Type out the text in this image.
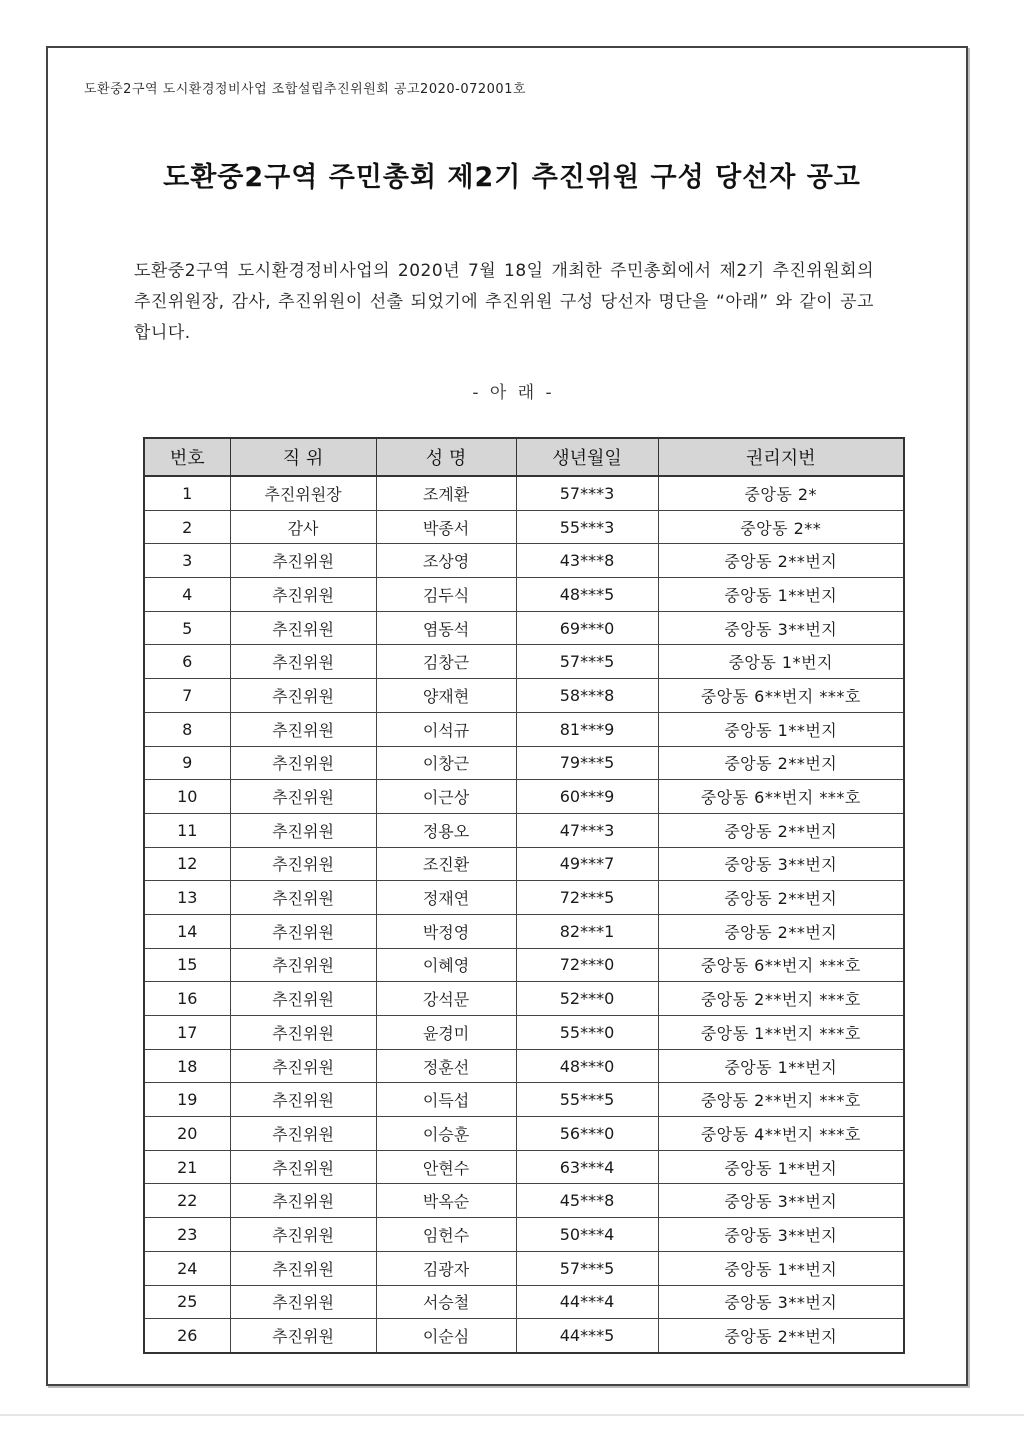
도환중2구역 도시환경정비사업 조합설립추진위원회 공고2020-072001호
도환중2구역 주민총회 제2기 추진위원 구성 당선자 공고
도환중2구역 도시환경정비사업의 2020년 7월 18일 개최한 주민총회에서 제2기 추진위원회의 추진위원장, 감사, 추진위원이 선출 되었기에 추진위원 구성 당선자 명단을 “아래” 와 같이 공고합니다.
- 아 래 -
번호	직 위	성 명	생년월일	권리지번
1	추진위원장	조계환	57***3	중앙동 2*
2	감사	박종서	55***3	중앙동 2**
3	추진위원	조상영	43***8	중앙동 2**번지
4	추진위원	김두식	48***5	중앙동 1**번지
5	추진위원	염동석	69***0	중앙동 3**번지
6	추진위원	김창근	57***5	중앙동 1*번지
7	추진위원	양재현	58***8	중앙동 6**번지 ***호
8	추진위원	이석규	81***9	중앙동 1**번지
9	추진위원	이창근	79***5	중앙동 2**번지
10	추진위원	이근상	60***9	중앙동 6**번지 ***호
11	추진위원	정용오	47***3	중앙동 2**번지
12	추진위원	조진환	49***7	중앙동 3**번지
13	추진위원	정재연	72***5	중앙동 2**번지
14	추진위원	박정영	82***1	중앙동 2**번지
15	추진위원	이혜영	72***0	중앙동 6**번지 ***호
16	추진위원	강석문	52***0	중앙동 2**번지 ***호
17	추진위원	윤경미	55***0	중앙동 1**번지 ***호
18	추진위원	정훈선	48***0	중앙동 1**번지
19	추진위원	이득섭	55***5	중앙동 2**번지 ***호
20	추진위원	이승훈	56***0	중앙동 4**번지 ***호
21	추진위원	안현수	63***4	중앙동 1**번지
22	추진위원	박옥순	45***8	중앙동 3**번지
23	추진위원	임헌수	50***4	중앙동 3**번지
24	추진위원	김광자	57***5	중앙동 1**번지
25	추진위원	서승철	44***4	중앙동 3**번지
26	추진위원	이순심	44***5	중앙동 2**번지
